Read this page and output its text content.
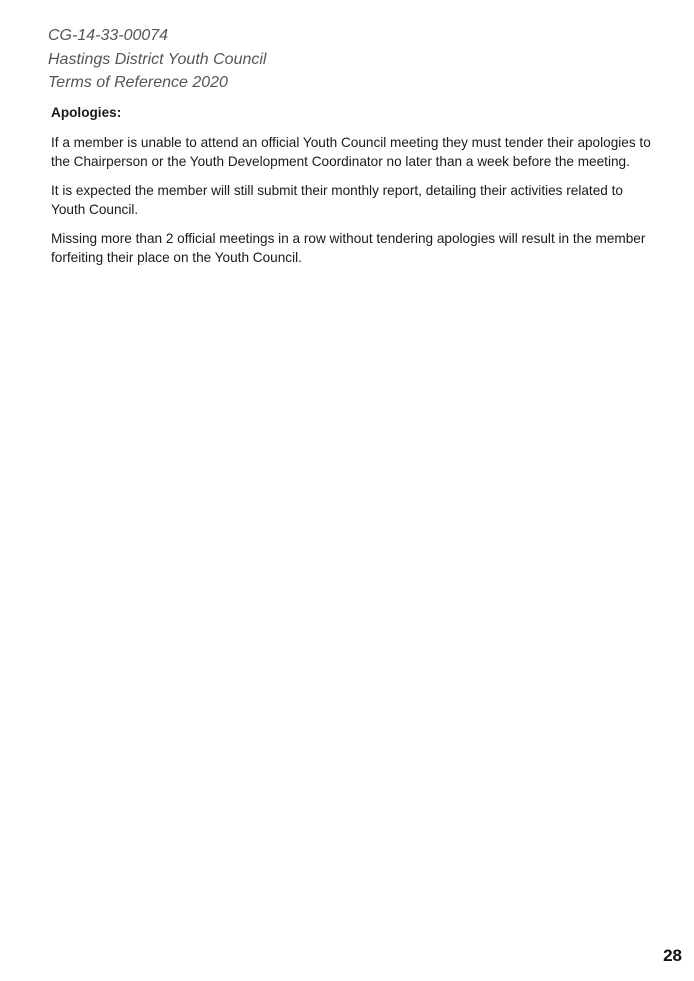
CG-14-33-00074
Hastings District Youth Council
Terms of Reference 2020
Apologies:

If a member is unable to attend an official Youth Council meeting they must tender their apologies to the Chairperson or the Youth Development Coordinator no later than a week before the meeting.

It is expected the member will still submit their monthly report, detailing their activities related to Youth Council.

Missing more than 2 official meetings in a row without tendering apologies will result in the member forfeiting their place on the Youth Council.

28
